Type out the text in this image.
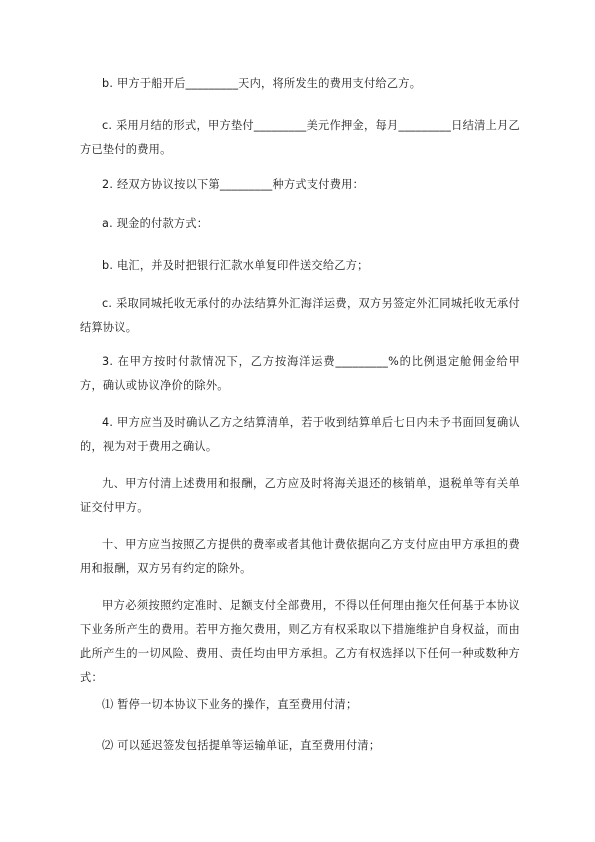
b. 甲方于船开后_________天内，将所发生的费用支付给乙方。

c. 采用月结的形式，甲方垫付_________美元作押金，每月_________日结清上月乙方已垫付的费用。

2. 经双方协议按以下第_________种方式支付费用：

a. 现金的付款方式：

b. 电汇，并及时把银行汇款水单复印件送交给乙方；

c. 采取同城托收无承付的办法结算外汇海洋运费，双方另签定外汇同城托收无承付结算协议。

3. 在甲方按时付款情况下，乙方按海洋运费_________%的比例退定舱佣金给甲方，确认或协议净价的除外。

4. 甲方应当及时确认乙方之结算清单，若于收到结算单后七日内未予书面回复确认的，视为对于费用之确认。

九、甲方付清上述费用和报酬，乙方应及时将海关退还的核销单，退税单等有关单证交付甲方。

十、甲方应当按照乙方提供的费率或者其他计费依据向乙方支付应由甲方承担的费用和报酬，双方另有约定的除外。

甲方必须按照约定准时、足额支付全部费用，不得以任何理由拖欠任何基于本协议下业务所产生的费用。若甲方拖欠费用，则乙方有权采取以下措施维护自身权益，而由此所产生的一切风险、费用、责任均由甲方承担。乙方有权选择以下任何一种或数种方式：

⑴ 暂停一切本协议下业务的操作，直至费用付清；

⑵ 可以延迟签发包括提单等运输单证，直至费用付清；
